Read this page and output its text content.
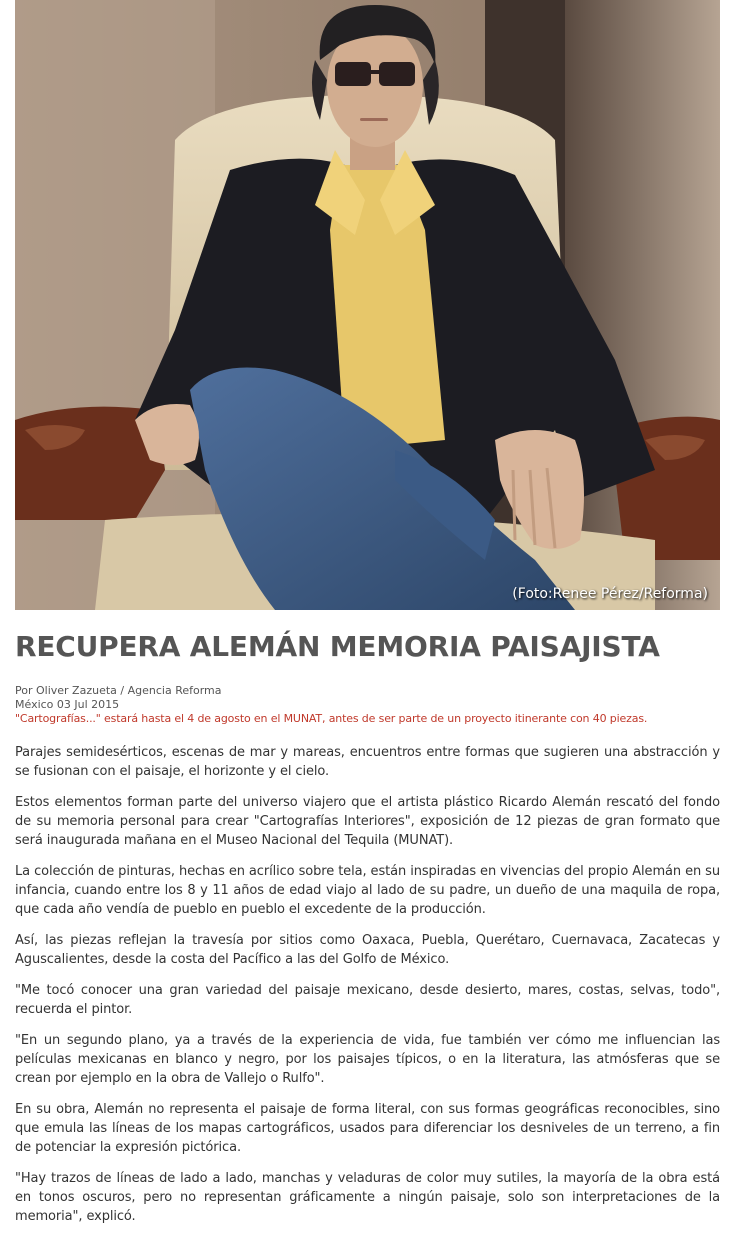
(Foto:Renee Pérez/Reforma)
RECUPERA ALEMÁN MEMORIA PAISAJISTA
Por Oliver Zazueta / Agencia Reforma
México 03 Jul 2015
"Cartografías..." estará hasta el 4 de agosto en el MUNAT, antes de ser parte de un proyecto itinerante con 40 piezas.

Parajes semidesérticos, escenas de mar y mareas, encuentros entre formas que sugieren una abstracción y se fusionan con el paisaje, el horizonte y el cielo.

Estos elementos forman parte del universo viajero que el artista plástico Ricardo Alemán rescató del fondo de su memoria personal para crear "Cartografías Interiores", exposición de 12 piezas de gran formato que será inaugurada mañana en el Museo Nacional del Tequila (MUNAT).

La colección de pinturas, hechas en acrílico sobre tela, están inspiradas en vivencias del propio Alemán en su infancia, cuando entre los 8 y 11 años de edad viajo al lado de su padre, un dueño de una maquila de ropa, que cada año vendía de pueblo en pueblo el excedente de la producción.

Así, las piezas reflejan la travesía por sitios como Oaxaca, Puebla, Querétaro, Cuernavaca, Zacatecas y Aguscalientes, desde la costa del Pacífico a las del Golfo de México.

"Me tocó conocer una gran variedad del paisaje mexicano, desde desierto, mares, costas, selvas, todo", recuerda el pintor.

"En un segundo plano, ya a través de la experiencia de vida, fue también ver cómo me influencian las películas mexicanas en blanco y negro, por los paisajes típicos, o en la literatura, las atmósferas que se crean por ejemplo en la obra de Vallejo o Rulfo".

En su obra, Alemán no representa el paisaje de forma literal, con sus formas geográficas reconocibles, sino que emula las líneas de los mapas cartográficos, usados para diferenciar los desniveles de un terreno, a fin de potenciar la expresión pictórica.

"Hay trazos de líneas de lado a lado, manchas y veladuras de color muy sutiles, la mayoría de la obra está en tonos oscuros, pero no representan gráficamente a ningún paisaje, solo son interpretaciones de la memoria", explicó.
